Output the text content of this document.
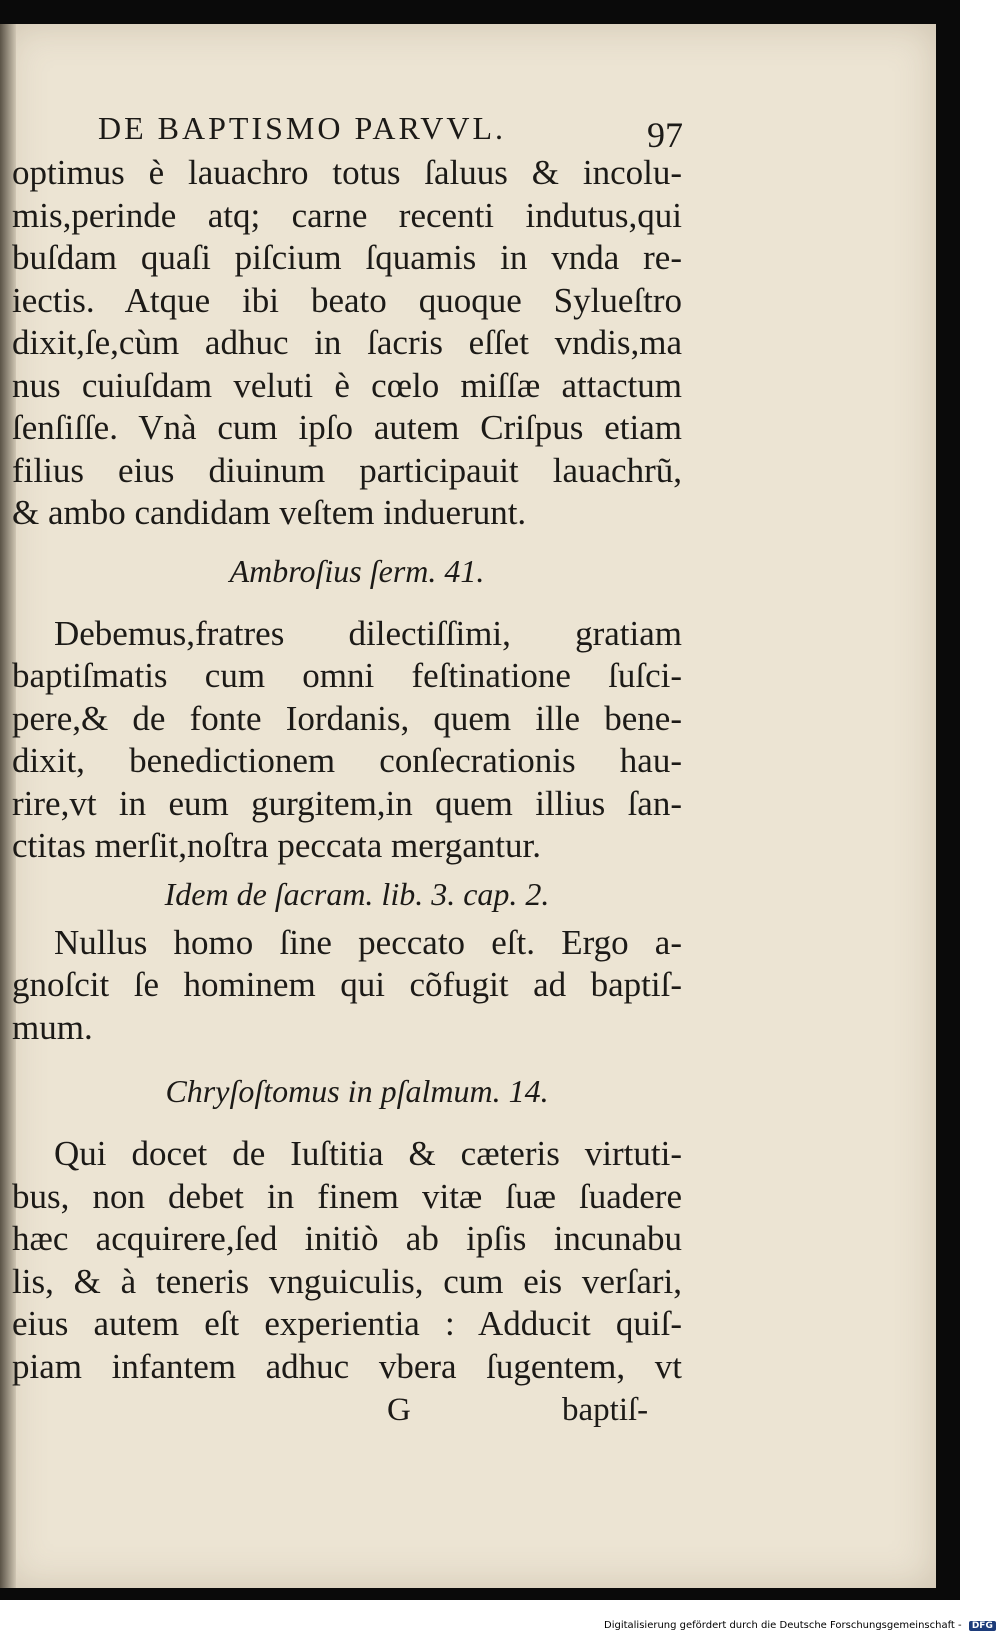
DE BAPTISMO PARVVL.	97
optimus è lauachro totus ſaluus & incolu-
mis,perinde atq; carne recenti indutus,qui
buſdam quaſi piſcium ſquamis in vnda re-
iectis. Atque ibi beato quoque Sylueſtro
dixit,ſe,cùm adhuc in ſacris eſſet vndis,ma
nus cuiuſdam veluti è cœlo miſſæ attactum
ſenſiſſe. Vnà cum ipſo autem Criſpus etiam
filius eius diuinum participauit lauachrũ,
& ambo candidam veſtem induerunt.
Ambroſius ſerm. 41.
Debemus,fratres dilectiſſimi, gratiam
baptiſmatis cum omni feſtinatione ſuſci-
pere,& de fonte Iordanis, quem ille bene-
dixit, benedictionem conſecrationis hau-
rire,vt in eum gurgitem,in quem illius ſan-
ctitas merſit,noſtra peccata mergantur.
Idem de ſacram. lib. 3. cap. 2.
Nullus homo ſine peccato eſt. Ergo a-
gnoſcit ſe hominem qui cõfugit ad baptiſ-
mum.
Chryſoſtomus in pſalmum. 14.
Qui docet de Iuſtitia & cæteris virtuti-
bus, non debet in finem vitæ ſuæ ſuadere
hæc acquirere,ſed initiò ab ipſis incunabu
lis, & à teneris vnguiculis, cum eis verſari,
eius autem eſt experientia : Adducit quiſ-
piam infantem adhuc vbera ſugentem, vt
G	baptiſ-
Digitalisierung gefördert durch die Deutsche Forschungsgemeinschaft - DFG
